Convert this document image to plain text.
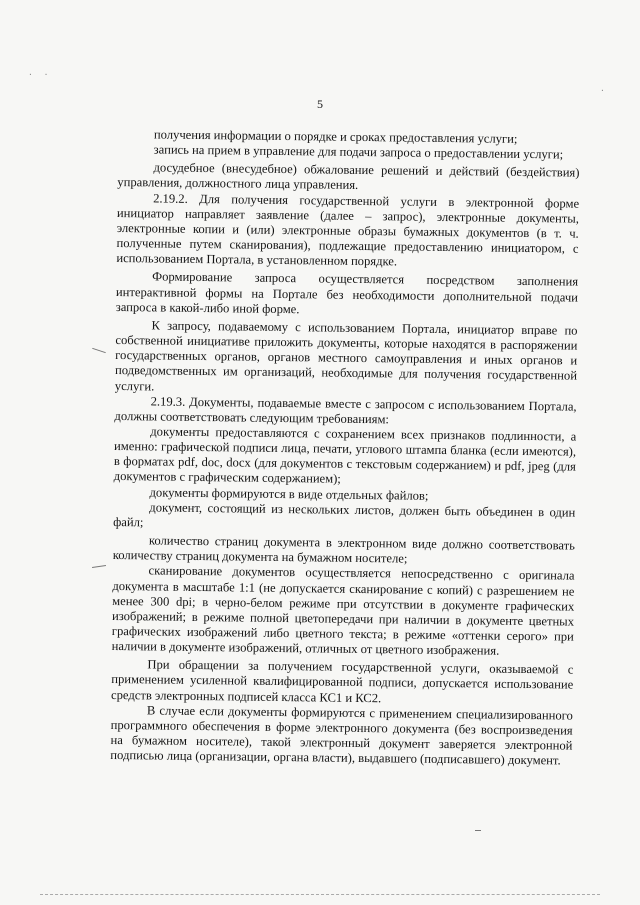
· ·
·
5

получения информации о порядке и сроках предоставления услуги;

запись на прием в управление для подачи запроса о предоставлении услуги;

досудебное (внесудебное) обжалование решений и действий (бездействия) управления, должностного лица управления.

2.19.2. Для получения государственной услуги в электронной форме инициатор направляет заявление (далее – запрос), электронные документы, электронные копии и (или) электронные образы бумажных документов (в т. ч. полученные путем сканирования), подлежащие предоставлению инициатором, с использованием Портала, в установленном порядке.

Формирование запроса осуществляется посредством заполнения интерактивной формы на Портале без необходимости дополнительной подачи запроса в какой-либо иной форме.

К запросу, подаваемому с использованием Портала, инициатор вправе по собственной инициативе приложить документы, которые находятся в распоряжении государственных органов, органов местного самоуправления и иных органов и подведомственных им организаций, необходимые для получения государственной услуги.

2.19.3. Документы, подаваемые вместе с запросом с использованием Портала, должны соответствовать следующим требованиям:

документы предоставляются с сохранением всех признаков подлинности, а именно: графической подписи лица, печати, углового штампа бланка (если имеются), в форматах pdf, doc, docx (для документов с текстовым содержанием) и pdf, jpeg (для документов с графическим содержанием);

документы формируются в виде отдельных файлов;

документ, состоящий из нескольких листов, должен быть объединен в один файл;

количество страниц документа в электронном виде должно соответствовать количеству страниц документа на бумажном носителе;

сканирование документов осуществляется непосредственно с оригинала документа в масштабе 1:1 (не допускается сканирование с копий) с разрешением не менее 300 dpi; в черно-белом режиме при отсутствии в документе графических изображений; в режиме полной цветопередачи при наличии в документе цветных графических изображений либо цветного текста; в режиме «оттенки серого» при наличии в документе изображений, отличных от цветного изображения.

При обращении за получением государственной услуги, оказываемой с применением усиленной квалифицированной подписи, допускается использование средств электронных подписей класса КС1 и КС2.

В случае если документы формируются с применением специализированного программного обеспечения в форме электронного документа (без воспроизведения на бумажном носителе), такой электронный документ заверяется электронной подписью лица (организации, органа власти), выдавшего (подписавшего) документ.
